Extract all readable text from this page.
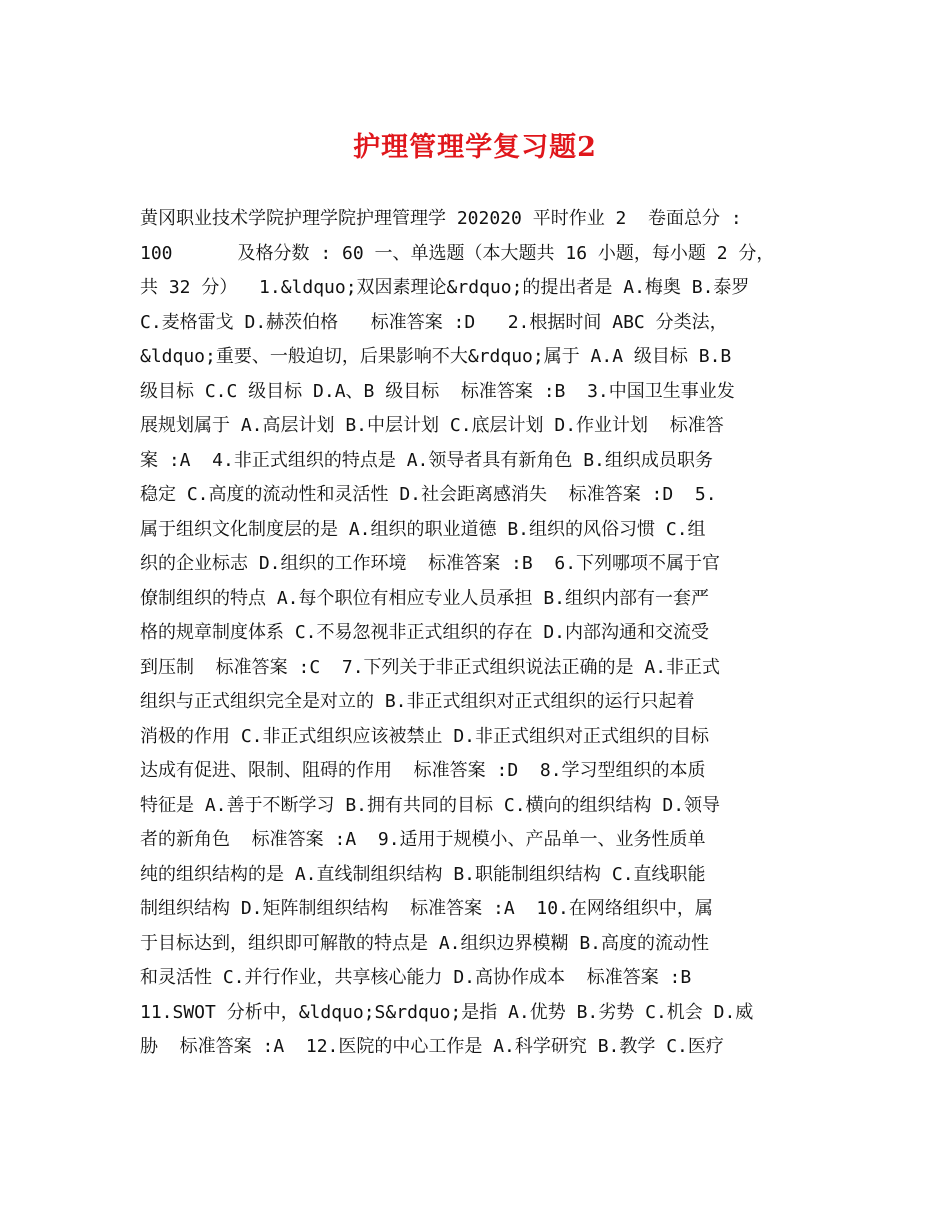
护理管理学复习题2
黄冈职业技术学院护理学院护理管理学 202020 平时作业 2  卷面总分 :
100      及格分数 : 60 一、单选题（本大题共 16 小题，每小题 2 分，
共 32 分）  1.&ldquo;双因素理论&rdquo;的提出者是 A.梅奥 B.泰罗
C.麦格雷戈 D.赫茨伯格   标准答案 :D   2.根据时间 ABC 分类法，
&ldquo;重要、一般迫切，后果影响不大&rdquo;属于 A.A 级目标 B.B
级目标 C.C 级目标 D.A、B 级目标  标准答案 :B  3.中国卫生事业发
展规划属于 A.高层计划 B.中层计划 C.底层计划 D.作业计划  标准答
案 :A  4.非正式组织的特点是 A.领导者具有新角色 B.组织成员职务
稳定 C.高度的流动性和灵活性 D.社会距离感消失  标准答案 :D  5.
属于组织文化制度层的是 A.组织的职业道德 B.组织的风俗习惯 C.组
织的企业标志 D.组织的工作环境  标准答案 :B  6.下列哪项不属于官
僚制组织的特点 A.每个职位有相应专业人员承担 B.组织内部有一套严
格的规章制度体系 C.不易忽视非正式组织的存在 D.内部沟通和交流受
到压制  标准答案 :C  7.下列关于非正式组织说法正确的是 A.非正式
组织与正式组织完全是对立的 B.非正式组织对正式组织的运行只起着
消极的作用 C.非正式组织应该被禁止 D.非正式组织对正式组织的目标
达成有促进、限制、阻碍的作用  标准答案 :D  8.学习型组织的本质
特征是 A.善于不断学习 B.拥有共同的目标 C.横向的组织结构 D.领导
者的新角色  标准答案 :A  9.适用于规模小、产品单一、业务性质单
纯的组织结构的是 A.直线制组织结构 B.职能制组织结构 C.直线职能
制组织结构 D.矩阵制组织结构  标准答案 :A  10.在网络组织中，属
于目标达到，组织即可解散的特点是 A.组织边界模糊 B.高度的流动性
和灵活性 C.并行作业，共享核心能力 D.高协作成本  标准答案 :B
11.SWOT 分析中，&ldquo;S&rdquo;是指 A.优势 B.劣势 C.机会 D.威
胁  标准答案 :A  12.医院的中心工作是 A.科学研究 B.教学 C.医疗
